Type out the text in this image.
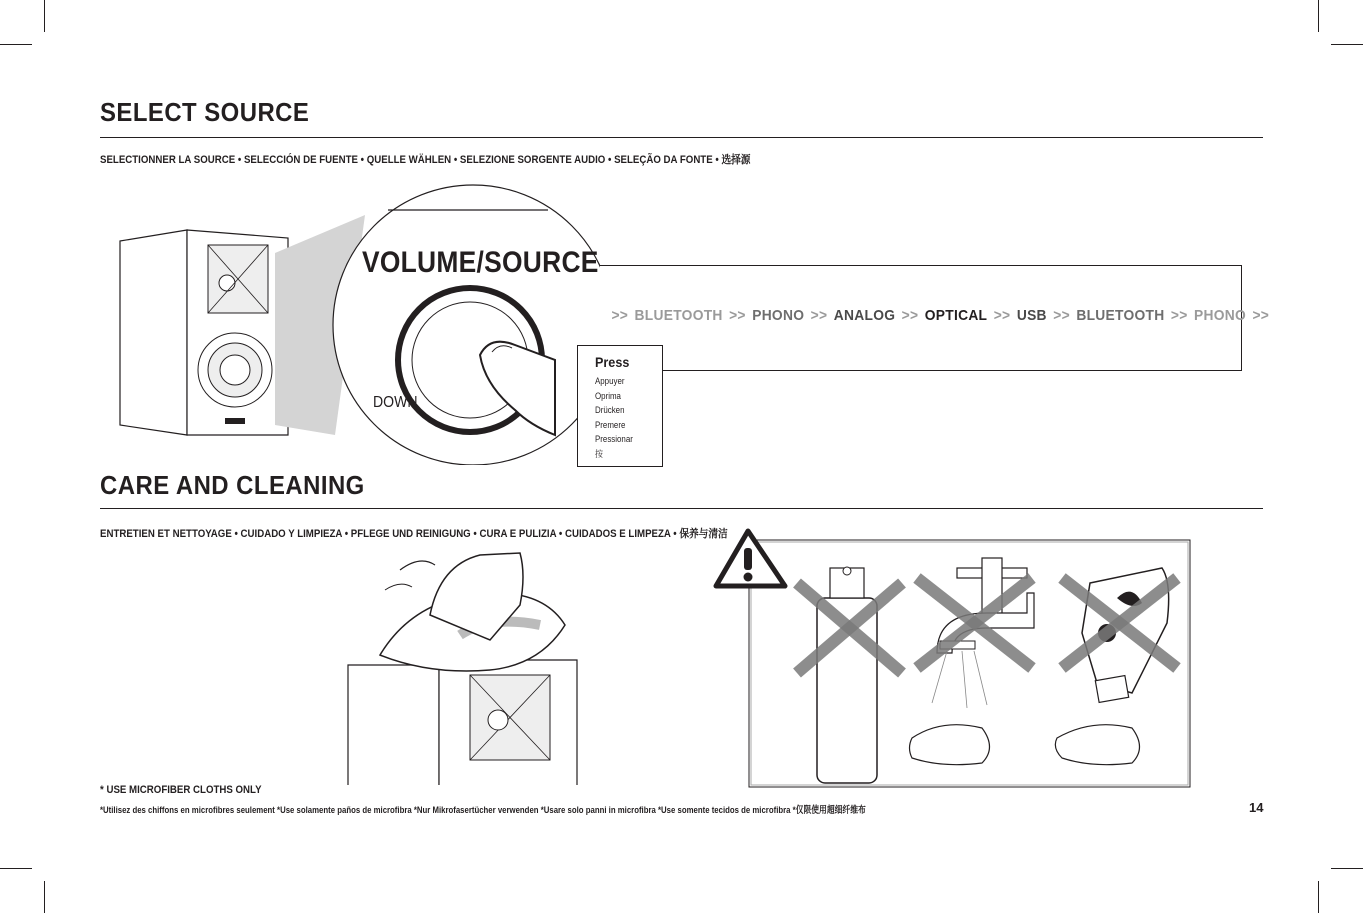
SELECT SOURCE
SELECTIONNER LA SOURCE • SELECCIÓN DE FUENTE • QUELLE WÄHLEN • SELEZIONE SORGENTE AUDIO • SELEÇÃO DA FONTE • 选择源
VOLUME/SOURCE
DOWN
>> BLUETOOTH >> PHONO >> ANALOG >> OPTICAL >> USB >> BLUETOOTH >> PHONO >>
Press
Appuyer
Oprima
Drücken
Premere
Pressionar
按
CARE AND CLEANING
ENTRETIEN ET NETTOYAGE • CUIDADO Y LIMPIEZA • PFLEGE UND REINIGUNG • CURA E PULIZIA • CUIDADOS E LIMPEZA • 保养与清洁
* USE MICROFIBER CLOTHS ONLY
*Utilisez des chiffons en microfibres seulement *Use solamente paños de microfibra *Nur Mikrofasertücher verwenden *Usare solo panni in microfibra *Use somente tecidos de microfibra *仅限使用超细纤维布	14
